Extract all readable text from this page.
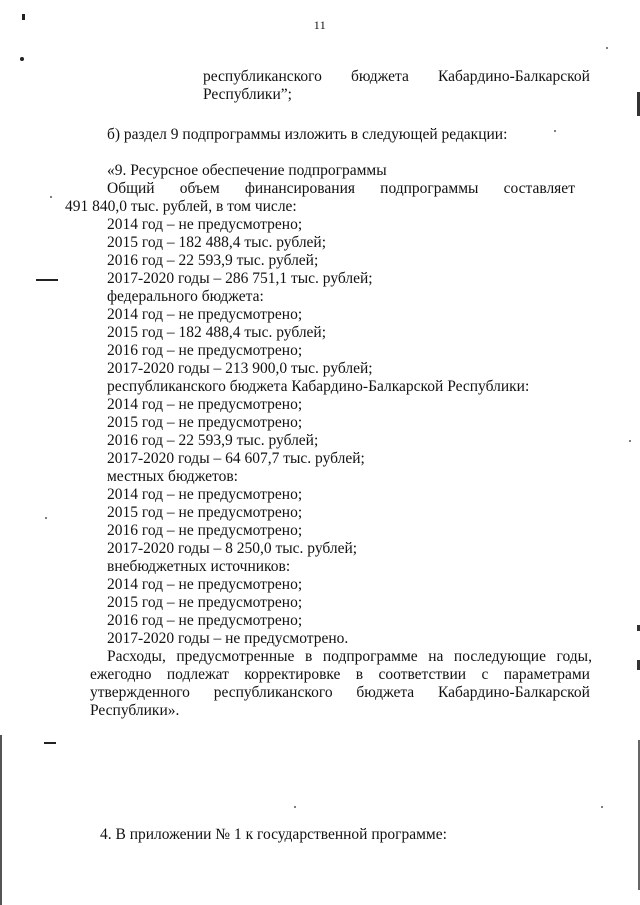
11
республиканского бюджета Кабардино-Балкарской
Республики”;
б) раздел 9 подпрограммы изложить в следующей редакции:
«9. Ресурсное обеспечение подпрограммы
Общий объем финансирования подпрограммы составляет
491 840,0 тыс. рублей, в том числе:
2014 год – не предусмотрено;
2015 год – 182 488,4 тыс. рублей;
2016 год – 22 593,9 тыс. рублей;
2017-2020 годы – 286 751,1 тыс. рублей;
федерального бюджета:
2014 год – не предусмотрено;
2015 год – 182 488,4 тыс. рублей;
2016 год – не предусмотрено;
2017-2020 годы – 213 900,0 тыс. рублей;
республиканского бюджета Кабардино-Балкарской Республики:
2014 год – не предусмотрено;
2015 год – не предусмотрено;
2016 год – 22 593,9 тыс. рублей;
2017-2020 годы – 64 607,7 тыс. рублей;
местных бюджетов:
2014 год – не предусмотрено;
2015 год – не предусмотрено;
2016 год – не предусмотрено;
2017-2020 годы – 8 250,0 тыс. рублей;
внебюджетных источников:
2014 год – не предусмотрено;
2015 год – не предусмотрено;
2016 год – не предусмотрено;
2017-2020 годы – не предусмотрено.
Расходы, предусмотренные в подпрограмме на последующие годы,
ежегодно подлежат корректировке в соответствии с параметрами
утвержденного республиканского бюджета Кабардино-Балкарской
Республики».
4. В приложении № 1 к государственной программе:
